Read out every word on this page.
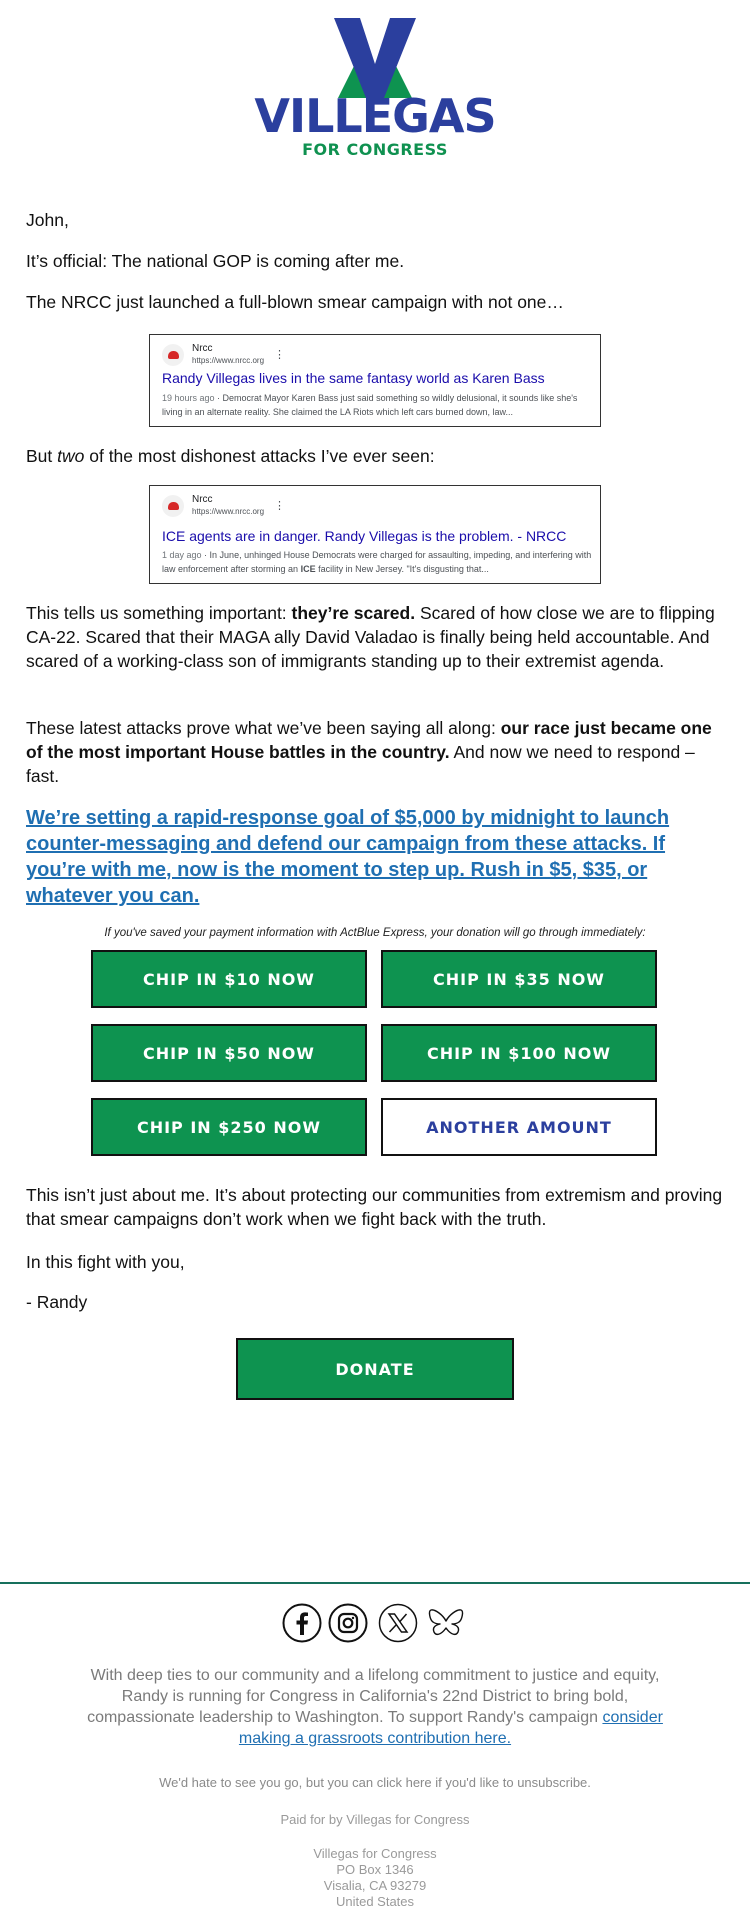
VILLEGAS
FOR CONGRESS

John,

It’s official: The national GOP is coming after me.

The NRCC just launched a full-blown smear campaign with not one…

Nrcc
https://www.nrcc.org ⋮
Randy Villegas lives in the same fantasy world as Karen Bass
19 hours ago · Democrat Mayor Karen Bass just said something so wildly delusional, it sounds like she's living in an alternate reality. She claimed the LA Riots which left cars burned down, law...

But two of the most dishonest attacks I’ve ever seen:

Nrcc
https://www.nrcc.org ⋮
ICE agents are in danger. Randy Villegas is the problem. - NRCC
1 day ago · In June, unhinged House Democrats were charged for assaulting, impeding, and interfering with law enforcement after storming an ICE facility in New Jersey. "It's disgusting that...

This tells us something important: they’re scared. Scared of how close we are to flipping CA-22. Scared that their MAGA ally David Valadao is finally being held accountable. And scared of a working-class son of immigrants standing up to their extremist agenda.

These latest attacks prove what we’ve been saying all along: our race just became one of the most important House battles in the country. And now we need to respond – fast.

We’re setting a rapid-response goal of $5,000 by midnight to launch counter-messaging and defend our campaign from these attacks. If you’re with me, now is the moment to step up. Rush in $5, $35, or whatever you can.
If you've saved your payment information with ActBlue Express, your donation will go through immediately:
CHIP IN $10 NOW	CHIP IN $35 NOW
CHIP IN $50 NOW	CHIP IN $100 NOW
CHIP IN $250 NOW	ANOTHER AMOUNT

This isn’t just about me. It’s about protecting our communities from extremism and proving that smear campaigns don’t work when we fight back with the truth.

In this fight with you,

- Randy

DONATE
With deep ties to our community and a lifelong commitment to justice and equity, Randy is running for Congress in California's 22nd District to bring bold, compassionate leadership to Washington. To support Randy's campaign consider making a grassroots contribution here.
We'd hate to see you go, but you can click here if you'd like to unsubscribe.
Paid for by Villegas for Congress
Villegas for Congress
PO Box 1346
Visalia, CA 93279
United States
